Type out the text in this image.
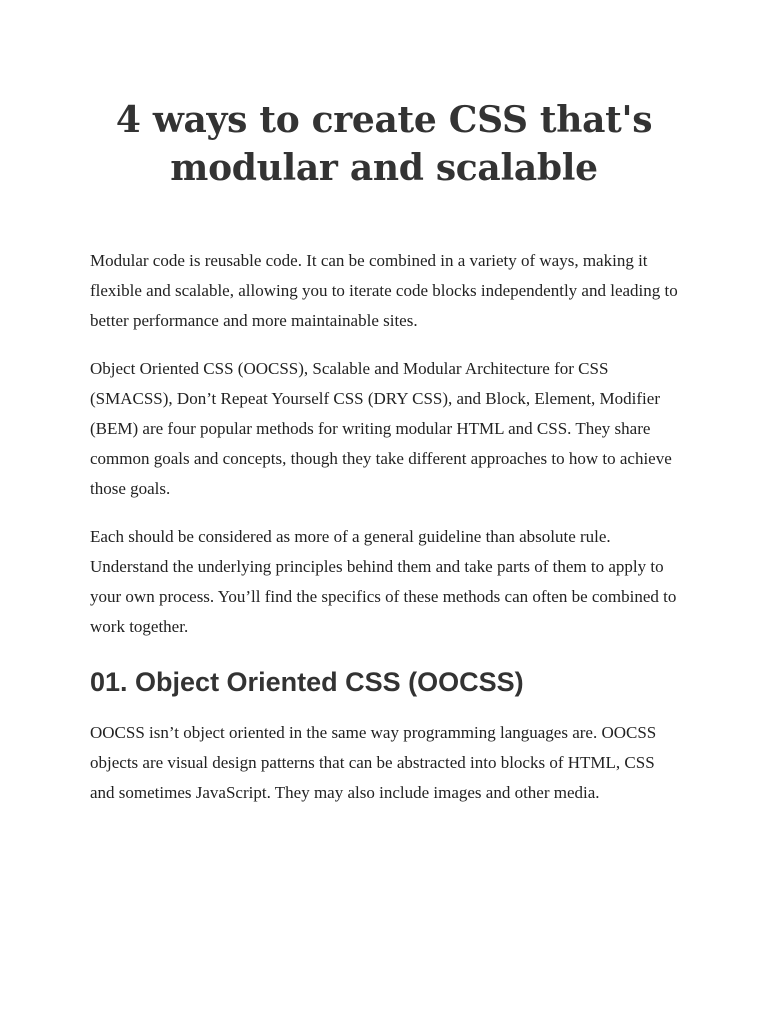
4 ways to create CSS that's modular and scalable

Modular code is reusable code. It can be combined in a variety of ways, making it flexible and scalable, allowing you to iterate code blocks independently and leading to better performance and more maintainable sites.

Object Oriented CSS (OOCSS), Scalable and Modular Architecture for CSS (SMACSS), Don’t Repeat Yourself CSS (DRY CSS), and Block, Element, Modifier (BEM) are four popular methods for writing modular HTML and CSS. They share common goals and concepts, though they take different approaches to how to achieve those goals.

Each should be considered as more of a general guideline than absolute rule. Understand the underlying principles behind them and take parts of them to apply to your own process. You’ll find the specifics of these methods can often be combined to work together.

01. Object Oriented CSS (OOCSS)

OOCSS isn’t object oriented in the same way programming languages are. OOCSS objects are visual design patterns that can be abstracted into blocks of HTML, CSS and sometimes JavaScript. They may also include images and other media.
